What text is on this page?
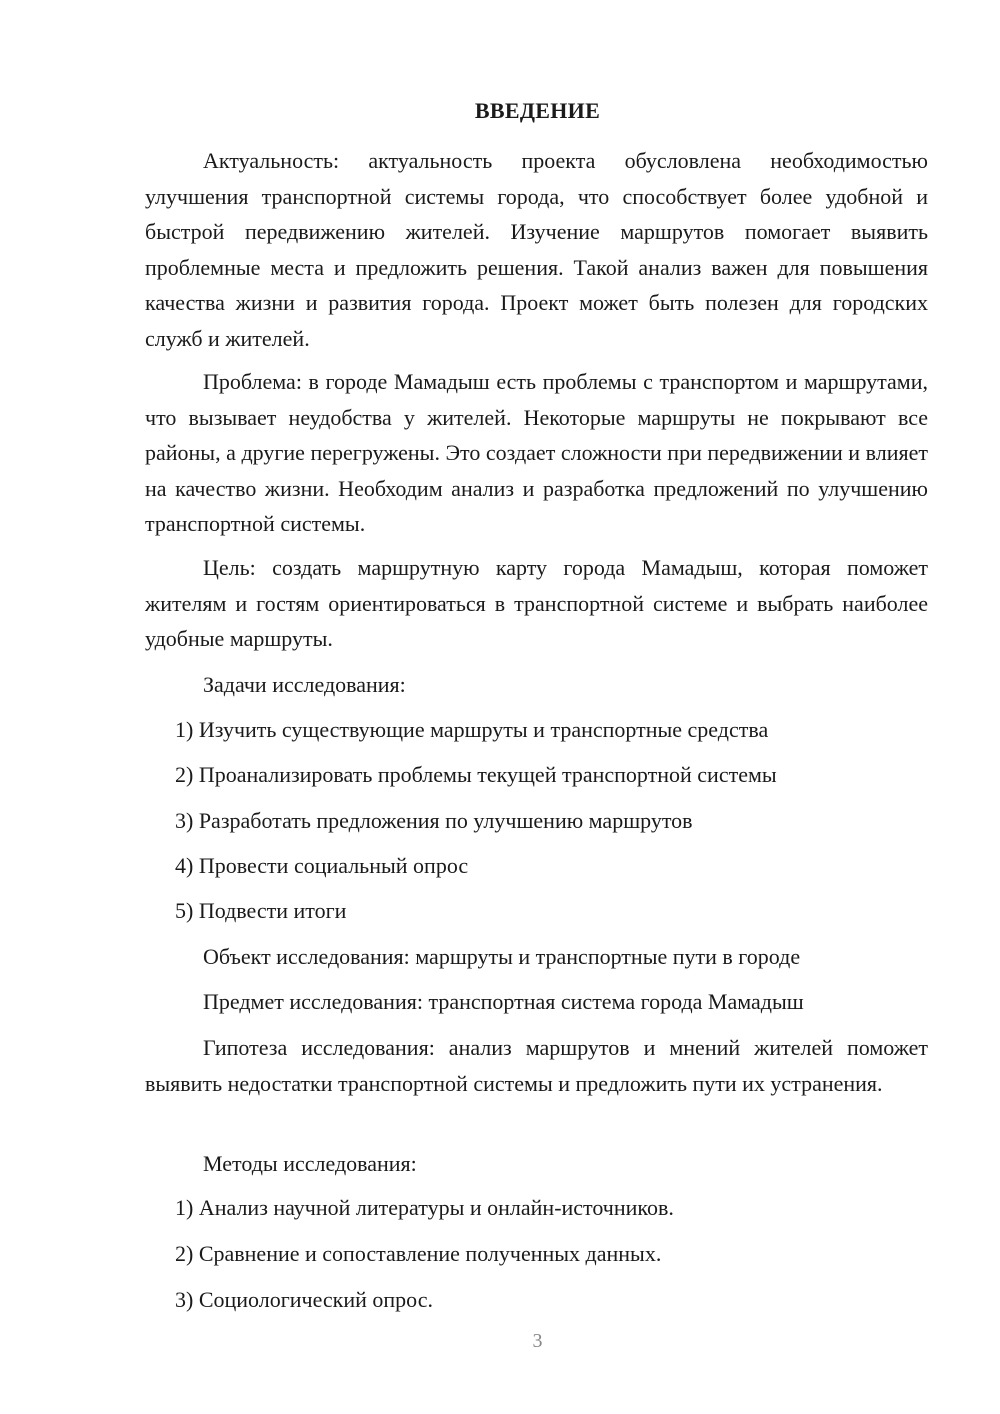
ВВЕДЕНИЕ

Актуальность: актуальность проекта обусловлена необходимостью улучшения транспортной системы города, что способствует более удобной и быстрой передвижению жителей. Изучение маршрутов помогает выявить проблемные места и предложить решения. Такой анализ важен для повышения качества жизни и развития города. Проект может быть полезен для городских служб и жителей.

Проблема: в городе Мамадыш есть проблемы с транспортом и маршрутами, что вызывает неудобства у жителей. Некоторые маршруты не покрывают все районы, а другие перегружены. Это создает сложности при передвижении и влияет на качество жизни. Необходим анализ и разработка предложений по улучшению транспортной системы.

Цель: создать маршрутную карту города Мамадыш, которая поможет жителям и гостям ориентироваться в транспортной системе и выбрать наиболее удобные маршруты.

Задачи исследования:

1) Изучить существующие маршруты и транспортные средства

2) Проанализировать проблемы текущей транспортной системы

3) Разработать предложения по улучшению маршрутов

4) Провести социальный опрос

5) Подвести итоги

Объект исследования: маршруты и транспортные пути в городе

Предмет исследования: транспортная система города Мамадыш

Гипотеза исследования: анализ маршрутов и мнений жителей поможет выявить недостатки транспортной системы и предложить пути их устранения.

Методы исследования:

1) Анализ научной литературы и онлайн-источников.

2) Сравнение и сопоставление полученных данных.

3) Социологический опрос.

3
